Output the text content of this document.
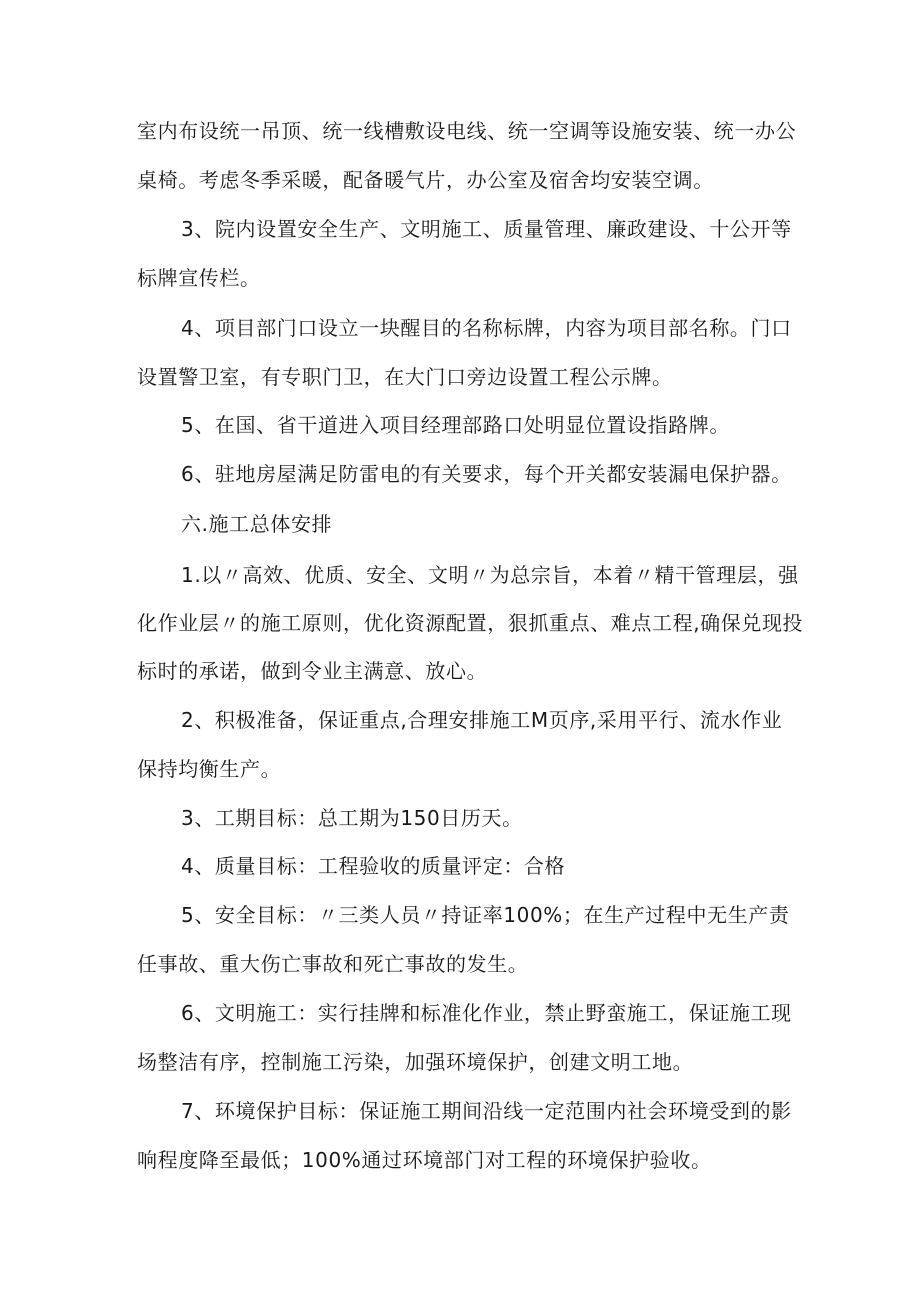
室内布设统一吊顶、统一线槽敷设电线、统一空调等设施安装、统一办公
桌椅。考虑冬季采暖，配备暖气片，办公室及宿舍均安装空调。
3、院内设置安全生产、文明施工、质量管理、廉政建设、十公开等
标牌宣传栏。
4、项目部门口设立一块醒目的名称标牌，内容为项目部名称。门口
设置警卫室，有专职门卫，在大门口旁边设置工程公示牌。
5、在国、省干道进入项目经理部路口处明显位置设指路牌。
6、驻地房屋满足防雷电的有关要求，每个开关都安装漏电保护器。
六.施工总体安排
1.以〃高效、优质、安全、文明〃为总宗旨，本着〃精干管理层，强
化作业层〃的施工原则，优化资源配置，狠抓重点、难点工程,确保兑现投
标时的承诺，做到令业主满意、放心。
2、积极准备，保证重点,合理安排施工M页序,采用平行、流水作业
保持均衡生产。
3、工期目标：总工期为150日历天。
4、质量目标：工程验收的质量评定：合格
5、安全目标：〃三类人员〃持证率100%；在生产过程中无生产责
任事故、重大伤亡事故和死亡事故的发生。
6、文明施工：实行挂牌和标准化作业，禁止野蛮施工，保证施工现
场整洁有序，控制施工污染，加强环境保护，创建文明工地。
7、环境保护目标：保证施工期间沿线一定范围内社会环境受到的影
响程度降至最低；100%通过环境部门对工程的环境保护验收。
